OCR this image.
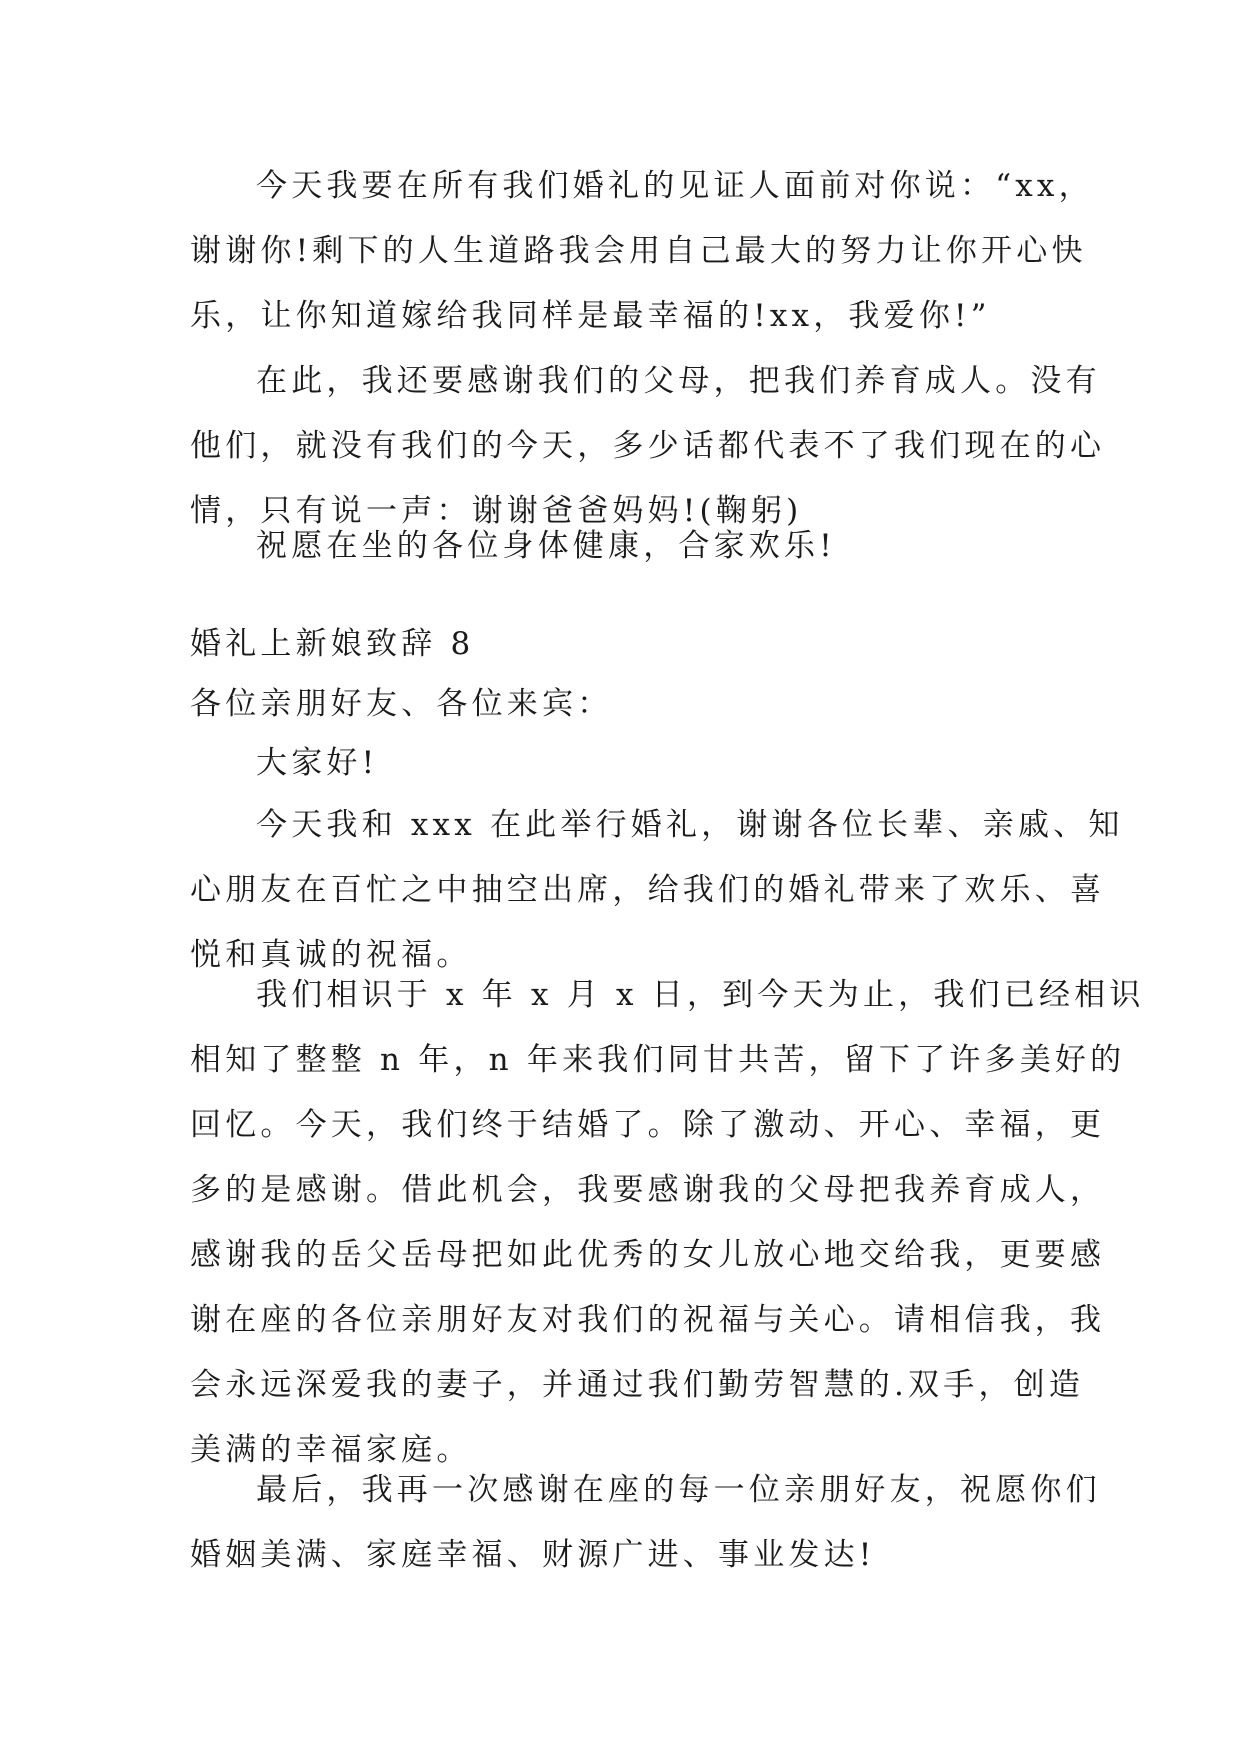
今天我要在所有我们婚礼的见证人面前对你说：“xx，
谢谢你!剩下的人生道路我会用自己最大的努力让你开心快
乐，让你知道嫁给我同样是最幸福的!xx，我爱你!”

在此，我还要感谢我们的父母，把我们养育成人。没有
他们，就没有我们的今天，多少话都代表不了我们现在的心
情，只有说一声：谢谢爸爸妈妈!(鞠躬)

祝愿在坐的各位身体健康，合家欢乐!

婚礼上新娘致辞 8

各位亲朋好友、各位来宾：

大家好!

今天我和 xxx 在此举行婚礼，谢谢各位长辈、亲戚、知
心朋友在百忙之中抽空出席，给我们的婚礼带来了欢乐、喜
悦和真诚的祝福。

我们相识于 x 年 x 月 x 日，到今天为止，我们已经相识
相知了整整 n 年，n 年来我们同甘共苦，留下了许多美好的
回忆。今天，我们终于结婚了。除了激动、开心、幸福，更
多的是感谢。借此机会，我要感谢我的父母把我养育成人，
感谢我的岳父岳母把如此优秀的女儿放心地交给我，更要感
谢在座的各位亲朋好友对我们的祝福与关心。请相信我，我
会永远深爱我的妻子，并通过我们勤劳智慧的.双手，创造
美满的幸福家庭。

最后，我再一次感谢在座的每一位亲朋好友，祝愿你们
婚姻美满、家庭幸福、财源广进、事业发达!
